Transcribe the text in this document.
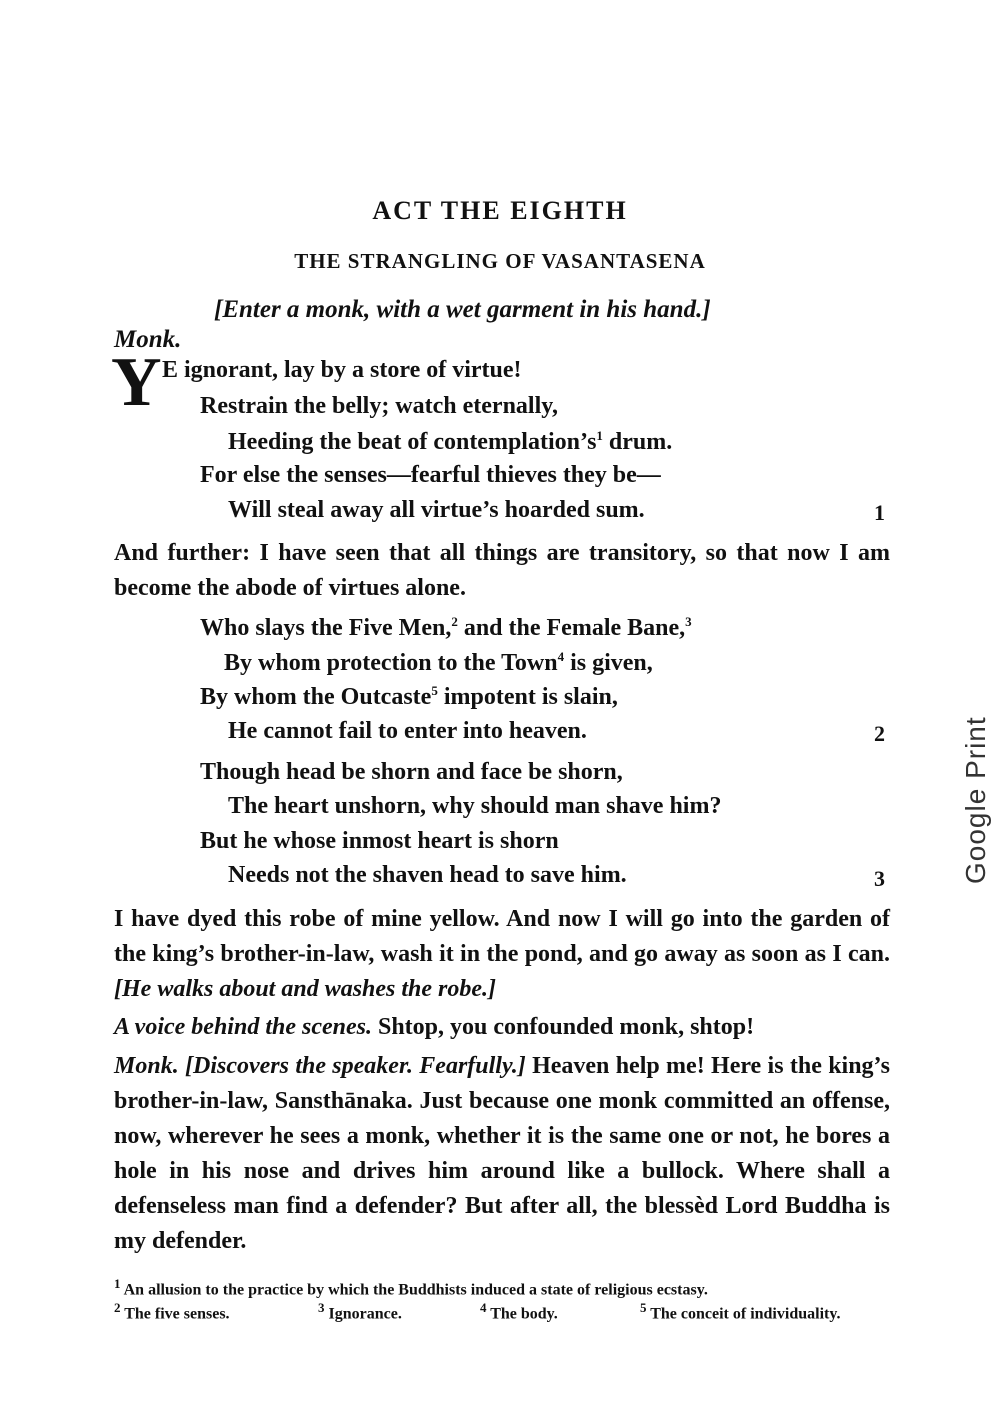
ACT THE EIGHTH
THE STRANGLING OF VASANTASENA
[Enter a monk, with a wet garment in his hand.]
Monk.
Y E ignorant, lay by a store of virtue!
Restrain the belly; watch eternally,
Heeding the beat of $contemplation’s^1$ drum.
For else the senses—fearful thieves they be—
Will steal away all virtue’s hoarded sum.	1
And further: I have seen that all things are transitory, so that now I am become the abode of virtues alone.
Who slays the Five Men,$^2$ and the Female Bane,$^3$
By whom protection to the Town$^4$ is given,
By whom the Outcaste$^5$ impotent is slain,
He cannot fail to enter into heaven.	2
Though head be shorn and face be shorn,
The heart unshorn, why should man shave him?
But he whose inmost heart is shorn
Needs not the shaven head to save him.	3
I have dyed this robe of mine yellow. And now I will go into the garden of the king’s brother-in-law, wash it in the pond, and go away as soon as I can. [He walks about and washes the robe.]
A voice behind the scenes. Shtop, you confounded monk, shtop!
Monk. [Discovers the speaker. Fearfully.] Heaven help me! Here is the king’s brother-in-law, Sansthānaka. Just because one monk committed an offense, now, wherever he sees a monk, whether it is the same one or not, he bores a hole in his nose and drives him around like a bullock. Where shall a defenseless man find a defender? But after all, the blessèd Lord Buddha is my defender.
$^1$ An allusion to the practice by which the Buddhists induced a state of religious ecstasy.
$^2$ The five senses.	$^3$ Ignorance.	$^4$ The body.	$^5$ The conceit of individuality.
Google Print
